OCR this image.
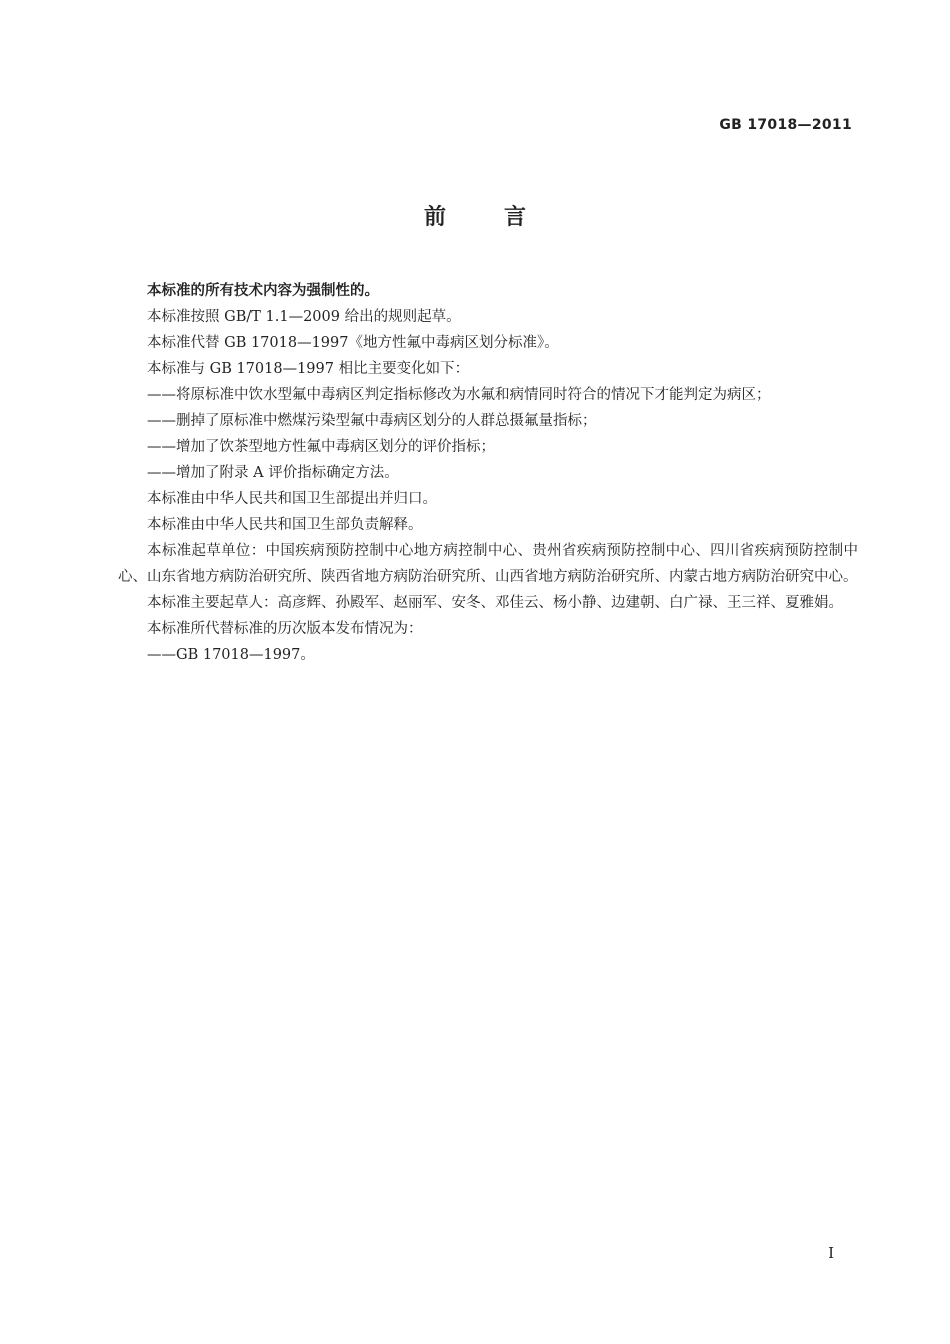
GB 17018—2011
前言

本标准的所有技术内容为强制性的。

本标准按照 GB/T 1.1—2009 给出的规则起草。

本标准代替 GB 17018—1997《地方性氟中毒病区划分标准》。

本标准与 GB 17018—1997 相比主要变化如下：

——将原标准中饮水型氟中毒病区判定指标修改为水氟和病情同时符合的情况下才能判定为病区；

——删掉了原标准中燃煤污染型氟中毒病区划分的人群总摄氟量指标；

——增加了饮茶型地方性氟中毒病区划分的评价指标；

——增加了附录 A 评价指标确定方法。

本标准由中华人民共和国卫生部提出并归口。

本标准由中华人民共和国卫生部负责解释。

本标准起草单位：中国疾病预防控制中心地方病控制中心、贵州省疾病预防控制中心、四川省疾病预防控制中心、山东省地方病防治研究所、陕西省地方病防治研究所、山西省地方病防治研究所、内蒙古地方病防治研究中心。

本标准主要起草人：高彦辉、孙殿军、赵丽军、安冬、邓佳云、杨小静、边建朝、白广禄、王三祥、夏雅娟。

本标准所代替标准的历次版本发布情况为：

——GB 17018—1997。

I
